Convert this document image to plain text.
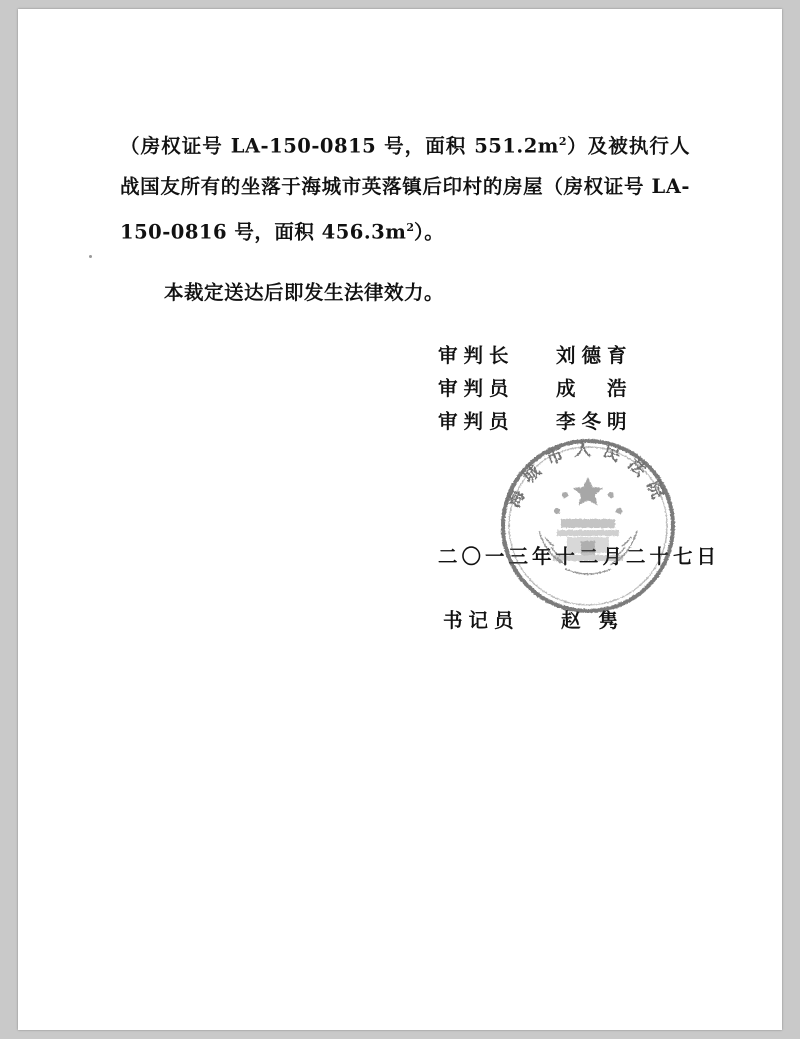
（房权证号 LA-150-0815 号，面积 $551.2m^2$）及被执行人战国友所有的坐落于海城市英落镇后印村的房屋（房权证号 LA-150-0816 号，面积 $456.3m^2$）。

本裁定送达后即发生法律效力。

审判长	刘德育
审判员	成　浩
审判员	李冬明
二〇一三年十二月二十七日
书记员	赵隽
海城市人民法院
